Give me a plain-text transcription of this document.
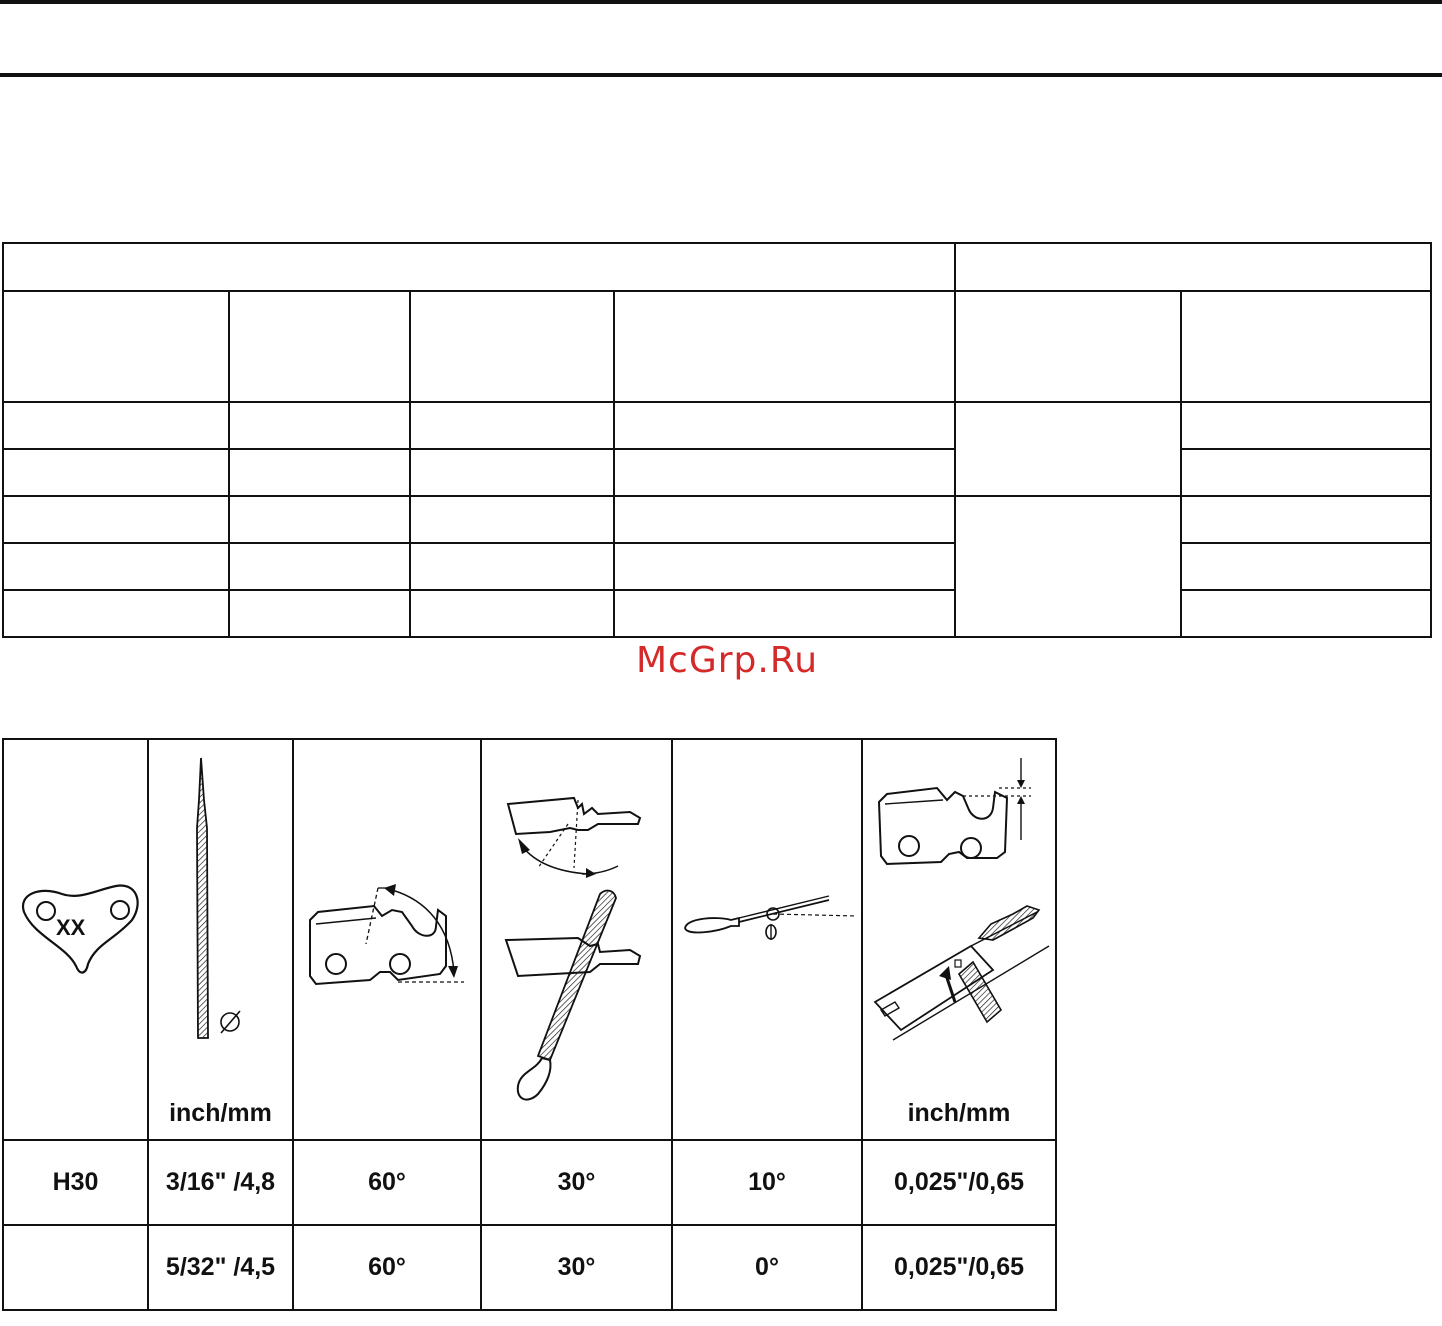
McGrp.Ru
XX	inch/mm				inch/mm

H30	3/16" /4,8	60°	30°	10°	0,025"/0,65
	5/32" /4,5	60°	30°	0°	0,025"/0,65
